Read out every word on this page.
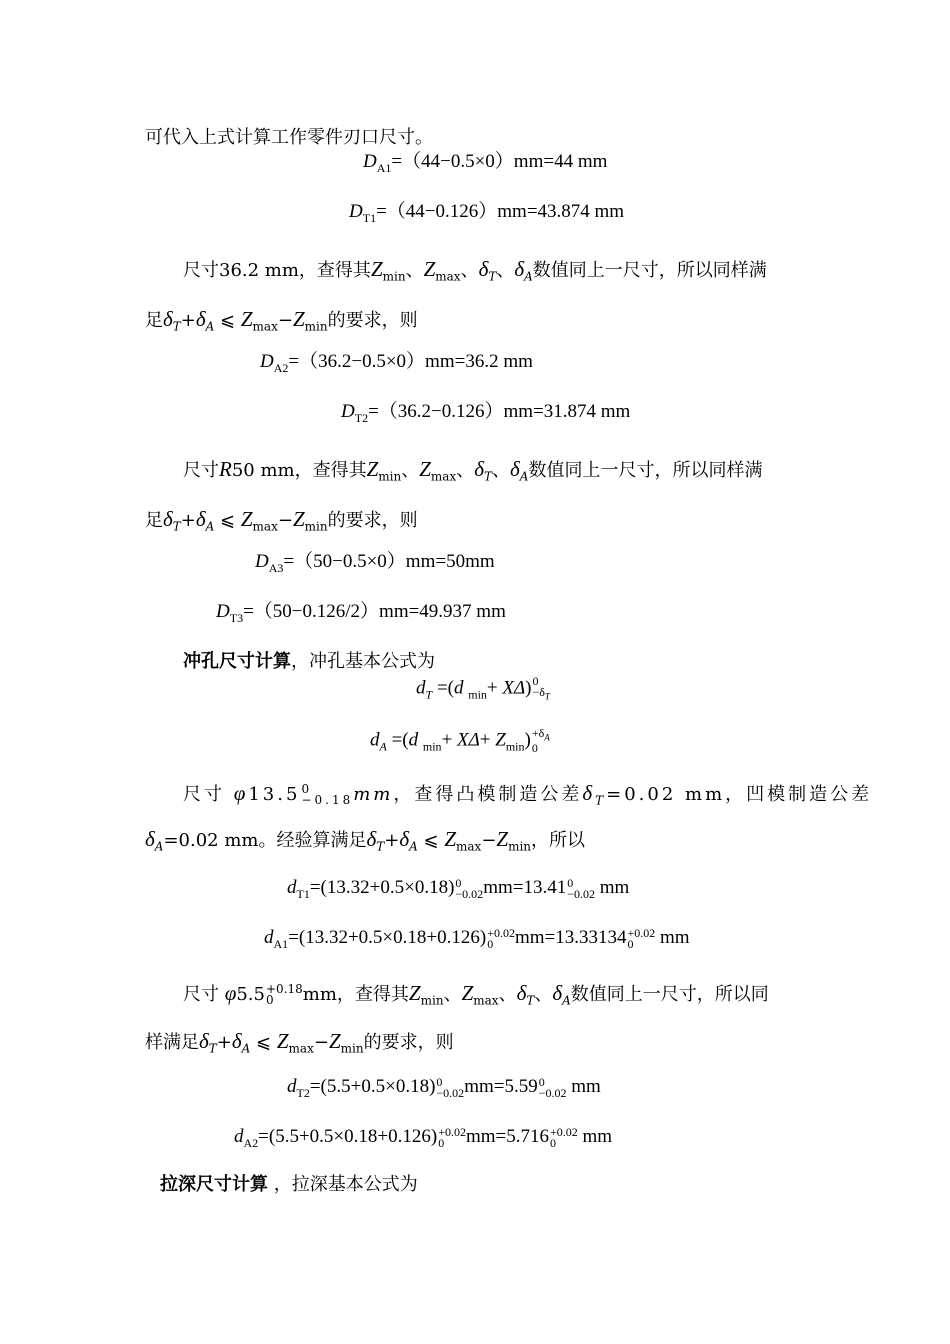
可代入上式计算工作零件刃口尺寸。
$D_{A1}=(44-0.5\times 0)mm=44$ mm
$D_{T1}=(44-0.126)mm=43.874$ mm
尺寸36.2 mm，查得其$Z_{min}$、$Z_{max}$、$\delta_T$、$\delta_A$数值同上一尺寸，所以同样满
足$\delta_T+\delta_A$ ⩽ $Z_{max}-Z_{min}$的要求，则
$D_{A2}=(36.2-0.5\times 0)mm=36.2$ mm
$D_{T2}=(36.2-0.126)mm=31.874$ mm
尺寸R50 mm，查得其$Z_{min}$、$Z_{max}$、$\delta_T$、$\delta_A$数值同上一尺寸，所以同样满
足$\delta_T+\delta_A$ ⩽ $Z_{max}-Z_{min}$的要求，则
$D_{A3}=(50-0.5\times 0)mm=50mm$
$D_{T3}=(50-0.126/2)mm=49.937$ mm
冲孔尺寸计算，冲孔基本公式为
$d_T =(d$ $_{min}$+ XΔ) 0
$-\delta_T$
$d_A =(d$ $_{min}+ X\Delta+ Z_{min}) +\delta_A$
0
尺寸 φ13.5 0
−0.18 mm，查得凸模制造公差$\delta_T=0.02$ mm，凹模制造公差
$\delta_A=0.02$ mm。经验算满足$\delta_T+\delta_A$ ⩽ $Z_{max}-Z_{min}$，所以
$d_{T1}=(13.32+0.5\times 0.18)$ 0
−0.02 mm=13.41 0
−0.02 mm
$d_{A1}=(13.32+0.5\times 0.18+0.126) +0.02$
0	mm=13.33134 +0.02
0	mm
尺寸 φ5.5 +0.18
0	mm，查得其$Z_{min}$、$Z_{max}$、$\delta_T$、$\delta_A$数值同上一尺寸，所以同
样满足$\delta_T+\delta_A$ ⩽ $Z_{max}-Z_{min}$的要求，则
$d_{T2}=(5.5+0.5\times 0.18)$ 0
−0.02 mm=5.59 0
−0.02 mm
$d_{A2}=(5.5+0.5\times 0.18+0.126) +0.02$
0	mm=5.716 +0.02
0	mm
拉深尺寸计算 ，拉深基本公式为
